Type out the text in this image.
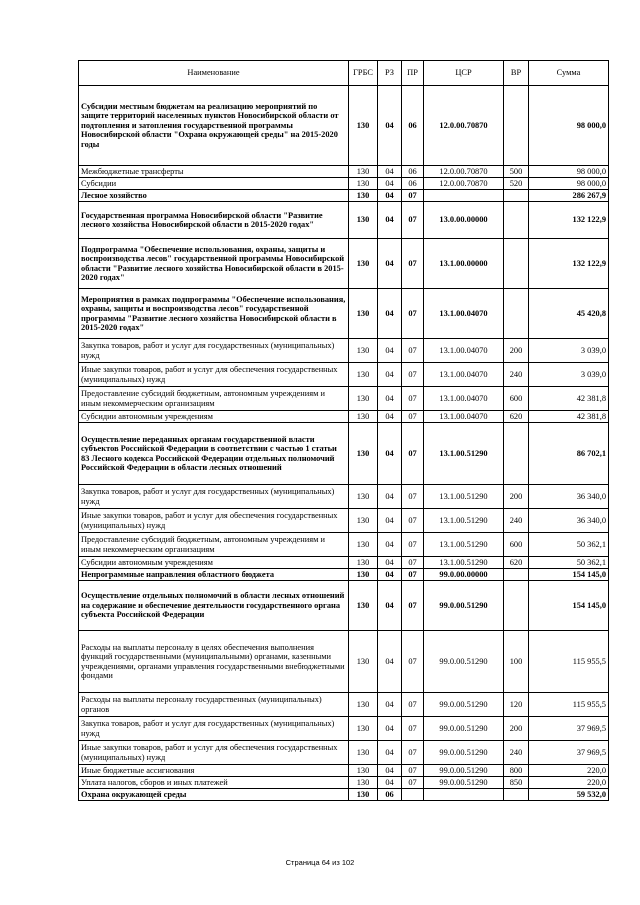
Наименование	ГРБС	РЗ	ПР	ЦСР	ВР	Сумма
Субсидии местным бюджетам на реализацию мероприятий по защите территорий населенных пунктов Новосибирской области от подтопления и затопления государственной программы Новосибирской области "Охрана окружающей среды" на 2015-2020 годы	130	04	06	12.0.00.70870		98 000,0
Межбюджетные трансферты	130	04	06	12.0.00.70870	500	98 000,0
Субсидии	130	04	06	12.0.00.70870	520	98 000,0
Лесное хозяйство	130	04	07			286 267,9
Государственная программа Новосибирской области "Развитие лесного хозяйства Новосибирской области в 2015-2020 годах"	130	04	07	13.0.00.00000		132 122,9
Подпрограмма "Обеспечение использования, охраны, защиты и воспроизводства лесов" государственной программы Новосибирской области "Развитие лесного хозяйства Новосибирской области в 2015-2020 годах"	130	04	07	13.1.00.00000		132 122,9
Мероприятия в рамках подпрограммы "Обеспечение использования, охраны, защиты и воспроизводства лесов" государственной программы "Развитие лесного хозяйства Новосибирской области в 2015-2020 годах"	130	04	07	13.1.00.04070		45 420,8
Закупка товаров, работ и услуг для государственных (муниципальных) нужд	130	04	07	13.1.00.04070	200	3 039,0
Иные закупки товаров, работ и услуг для обеспечения государственных (муниципальных) нужд	130	04	07	13.1.00.04070	240	3 039,0
Предоставление субсидий бюджетным, автономным учреждениям и иным некоммерческим организациям	130	04	07	13.1.00.04070	600	42 381,8
Субсидии автономным учреждениям	130	04	07	13.1.00.04070	620	42 381,8
Осуществление переданных органам государственной власти субъектов Российской Федерации в соответствии с частью 1 статьи 83 Лесного кодекса Российской Федерации отдельных полномочий Российской Федерации в области лесных отношений	130	04	07	13.1.00.51290		86 702,1
Закупка товаров, работ и услуг для государственных (муниципальных) нужд	130	04	07	13.1.00.51290	200	36 340,0
Иные закупки товаров, работ и услуг для обеспечения государственных (муниципальных) нужд	130	04	07	13.1.00.51290	240	36 340,0
Предоставление субсидий бюджетным, автономным учреждениям и иным некоммерческим организациям	130	04	07	13.1.00.51290	600	50 362,1
Субсидии автономным учреждениям	130	04	07	13.1.00.51290	620	50 362,1
Непрограммные направления областного бюджета	130	04	07	99.0.00.00000		154 145,0
Осуществление отдельных полномочий в области лесных отношений на содержание и обеспечение деятельности государственного органа субъекта Российской Федерации	130	04	07	99.0.00.51290		154 145,0
Расходы на выплаты персоналу в целях обеспечения выполнения функций государственными (муниципальными) органами, казенными учреждениями, органами управления государственными внебюджетными фондами	130	04	07	99.0.00.51290	100	115 955,5
Расходы на выплаты персоналу государственных (муниципальных) органов	130	04	07	99.0.00.51290	120	115 955,5
Закупка товаров, работ и услуг для государственных (муниципальных) нужд	130	04	07	99.0.00.51290	200	37 969,5
Иные закупки товаров, работ и услуг для обеспечения государственных (муниципальных) нужд	130	04	07	99.0.00.51290	240	37 969,5
Иные бюджетные ассигнования	130	04	07	99.0.00.51290	800	220,0
Уплата налогов, сборов и иных платежей	130	04	07	99.0.00.51290	850	220,0
Охрана окружающей среды	130	06				59 532,0
Страница 64 из 102
